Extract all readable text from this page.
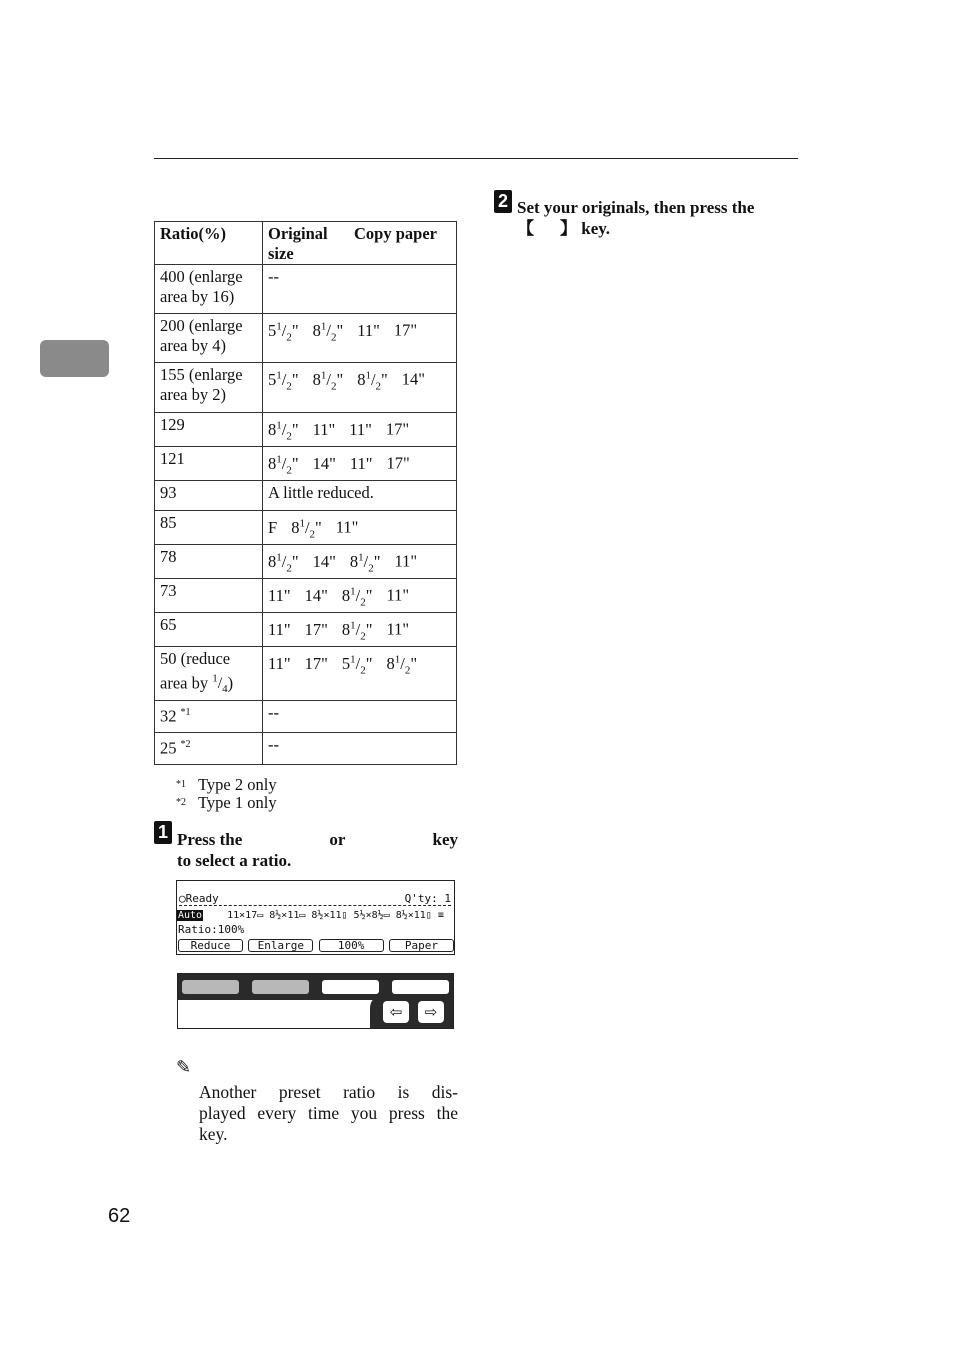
Ratio(%)	Original Copy paper
size
400 (enlarge
area by 16)	--
200 (enlarge
area by 4)	$5^1/_2$" $8^1/_2$" 11" 17"
155 (enlarge
area by 2)	$5^1/_2$" $8^1/_2$" $8^1/_2$" 14"
129	$8^1/_2$" 11" 11" 17"
121	$8^1/_2$" 14" 11" 17"
93	A little reduced.
85	F $8^1/_2$" 11"
78	$8^1/_2$" 14" $8^1/_2$" 11"
73	11" 14" $8^1/_2$" 11"
65	11" 17" $8^1/_2$" 11"
50 (reduce
area by $^1/_4$)	11" 17" $5^1/_2$" $8^1/_2$"
32 $^{*1}$	--
25 $^{*2}$	--
$^{*1}$ Type 2 only
$^{*2}$ Type 1 only
1 Press the	or	key
to select a ratio.
2 Set your originals, then press the
【 】 key.
◯Ready	Q'ty: 1
Auto	11×17▭ 8½×11▭ 8½×11▯ 5½×8½▭ 8½×11▯ ≡
Ratio:100%
Reduce	Enlarge	100%	Paper
⇦	⇨
✎
Another preset ratio is dis-
played every time you press the
key.
62
